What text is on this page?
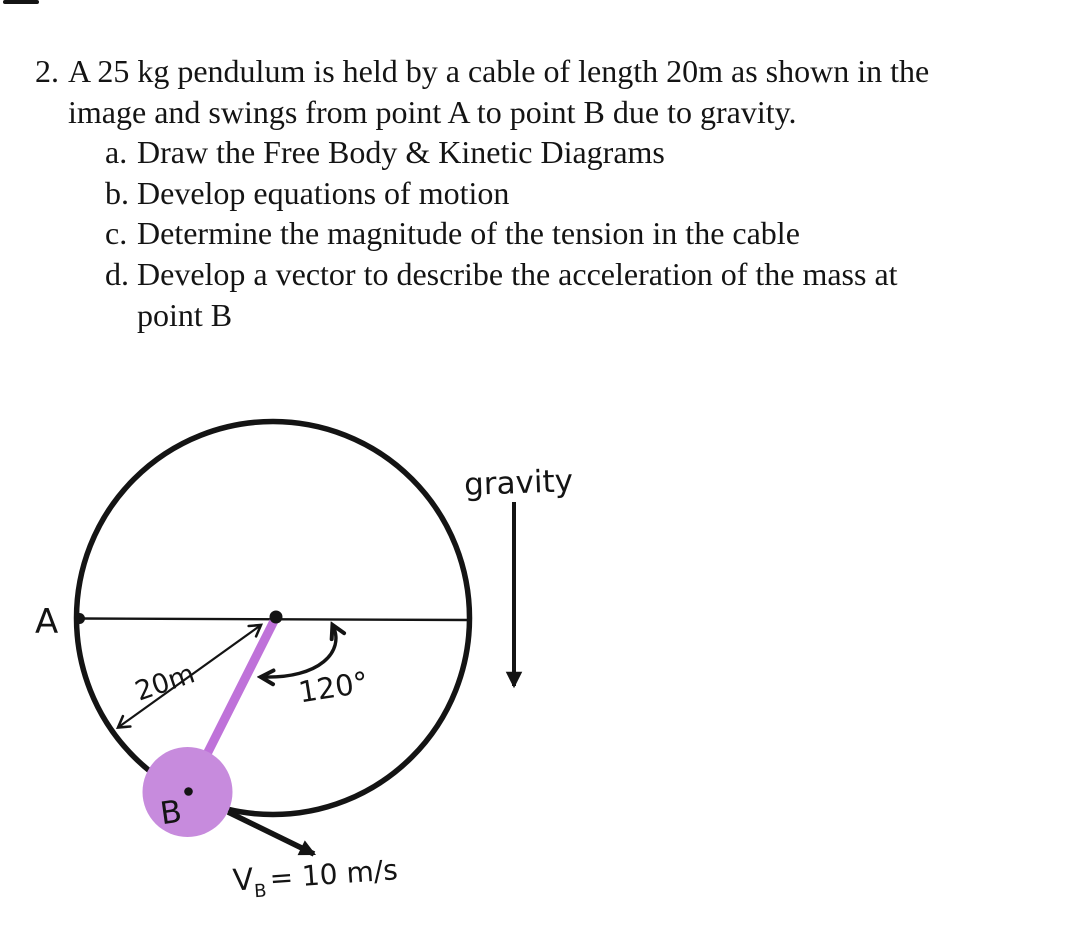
2. A 25 kg pendulum is held by a cable of length 20m as shown in the
image and swings from point A to point B due to gravity.
a. Draw the Free Body & Kinetic Diagrams
b. Develop equations of motion
c. Determine the magnitude of the tension in the cable
d. Develop a vector to describe the acceleration of the mass at
point B
A
20m	120°
gravity
B
$V_B= 10$ m/s
